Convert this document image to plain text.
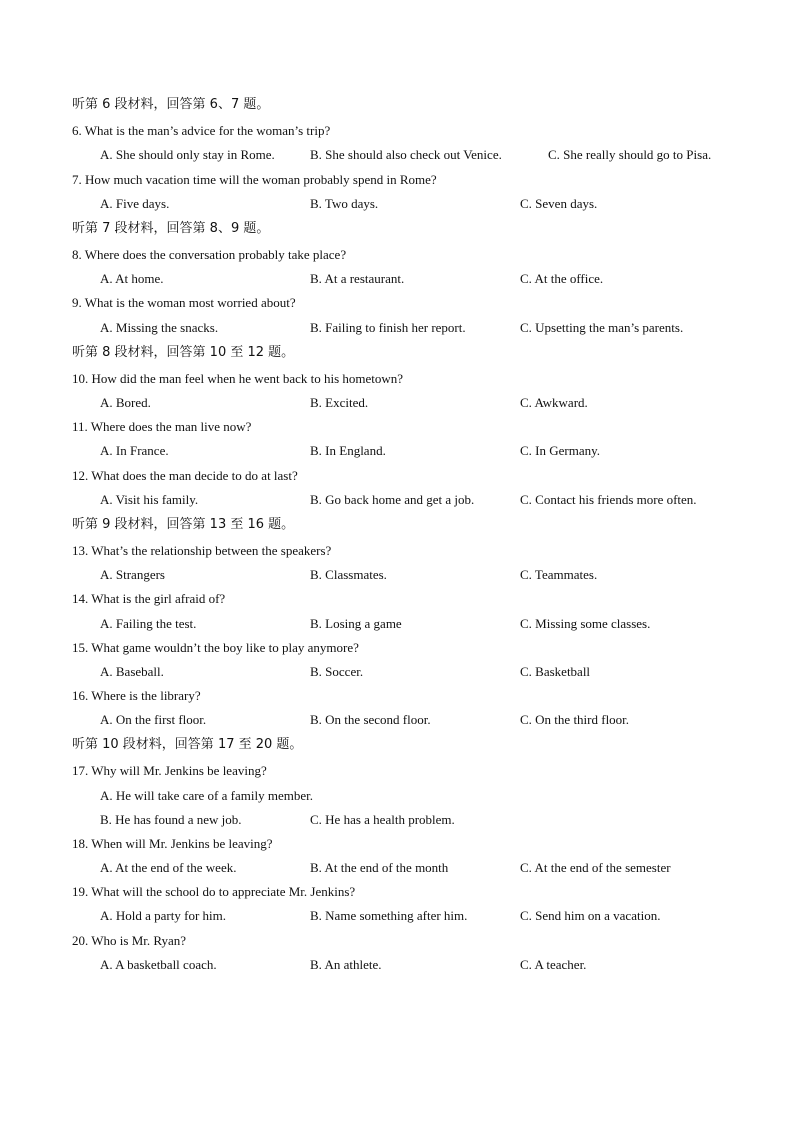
听第 6 段材料，回答第 6、7 题。
6. What is the man’s advice for the woman’s trip?
A. She should only stay in Rome.	B. She should also check out Venice.	C. She really should go to Pisa.
7. How much vacation time will the woman probably spend in Rome?
A. Five days.	B. Two days.	C. Seven days.
听第 7 段材料，回答第 8、9 题。
8. Where does the conversation probably take place?
A. At home.	B. At a restaurant.	C. At the office.
9. What is the woman most worried about?
A. Missing the snacks.	B. Failing to finish her report.	C. Upsetting the man’s parents.
听第 8 段材料，回答第 10 至 12 题。
10. How did the man feel when he went back to his hometown?
A. Bored.	B. Excited.	C. Awkward.
11. Where does the man live now?
A. In France.	B. In England.	C. In Germany.
12. What does the man decide to do at last?
A. Visit his family.	B. Go back home and get a job.	C. Contact his friends more often.
听第 9 段材料，回答第 13 至 16 题。
13. What’s the relationship between the speakers?
A. Strangers	B. Classmates.	C. Teammates.
14. What is the girl afraid of?
A. Failing the test.	B. Losing a game	C. Missing some classes.
15. What game wouldn’t the boy like to play anymore?
A. Baseball.	B. Soccer.	C. Basketball
16. Where is the library?
A. On the first floor.	B. On the second floor.	C. On the third floor.
听第 10 段材料，回答第 17 至 20 题。
17. Why will Mr. Jenkins be leaving?
A. He will take care of a family member.
B. He has found a new job.	C. He has a health problem.
18. When will Mr. Jenkins be leaving?
A. At the end of the week.	B. At the end of the month	C. At the end of the semester
19. What will the school do to appreciate Mr. Jenkins?
A. Hold a party for him.	B. Name something after him.	C. Send him on a vacation.
20. Who is Mr. Ryan?
A. A basketball coach.	B. An athlete.	C. A teacher.
